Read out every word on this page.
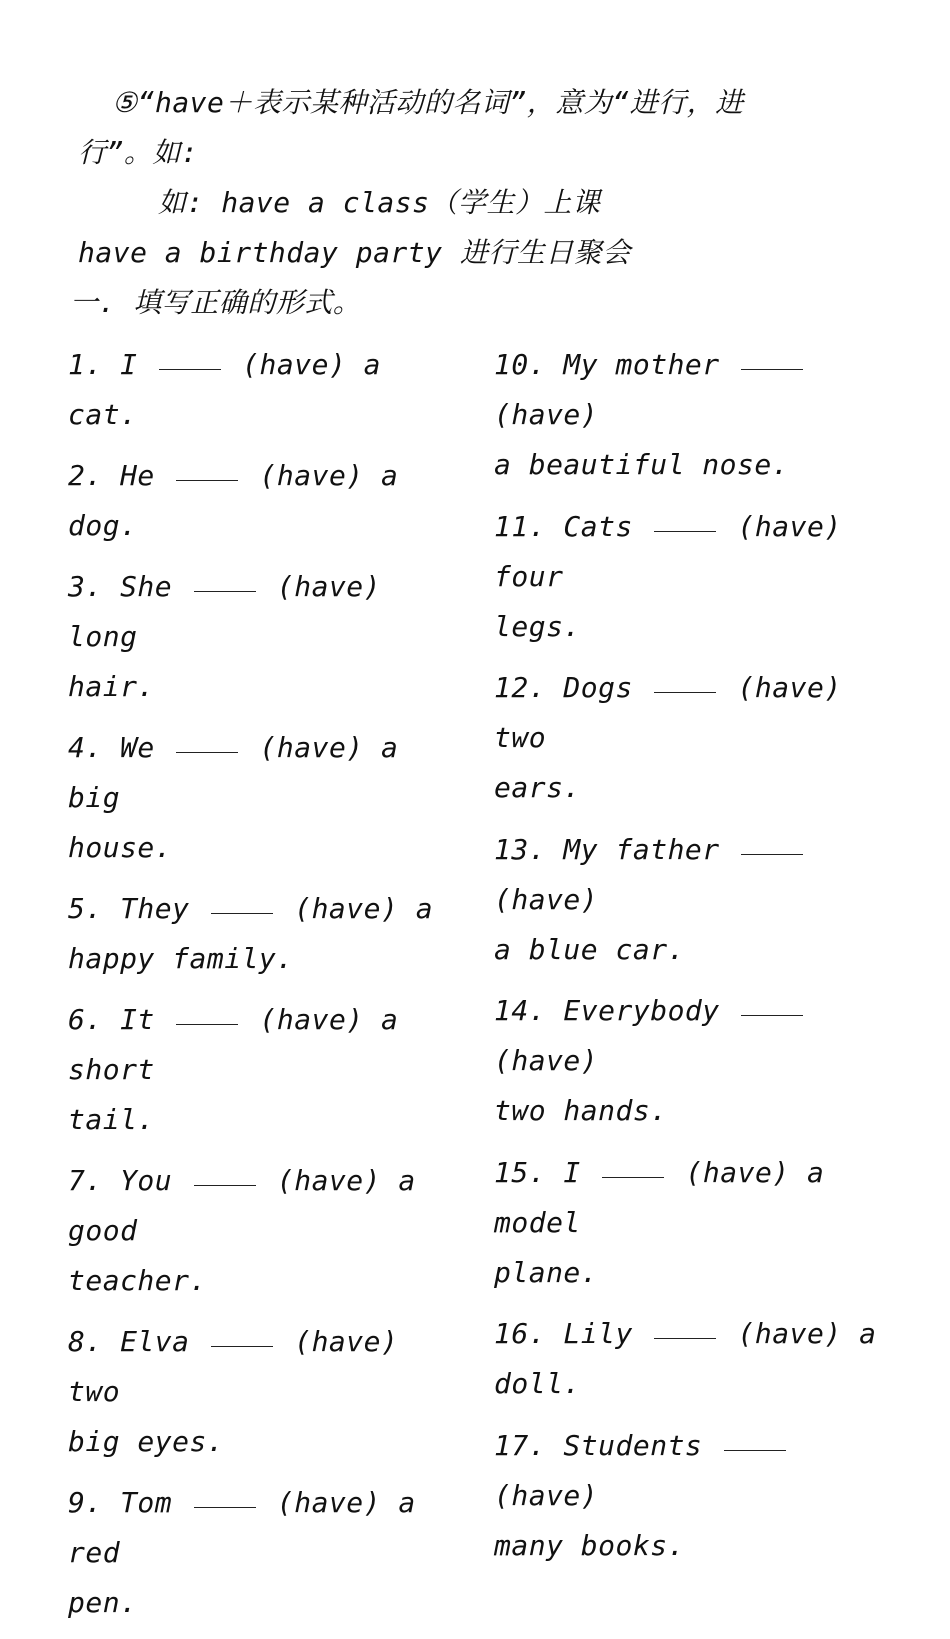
⑤“have＋表示某种活动的名词”，意为“进行，进

行”。如:

如: have a class（学生）上课

have a birthday party 进行生日聚会

一. 填写正确的形式。

1. I	(have) a cat.
2. He	(have) a dog.
3. She	(have) long
hair.
4. We	(have) a big
house.
5. They	(have) a
happy family.
6. It	(have) a short
tail.
7. You	(have) a good
teacher.
8. Elva	(have) two
big eyes.
9. Tom	(have) a red
pen.
10. My mother  (have)
a beautiful nose.
11. Cats	(have) four
legs.
12. Dogs	(have) two
ears.
13. My father  (have)
a blue car.
14. Everybody  (have)
two hands.
15. I	(have) a model
plane.
16. Lily	(have) a
doll.
17. Students  (have)
many books.
